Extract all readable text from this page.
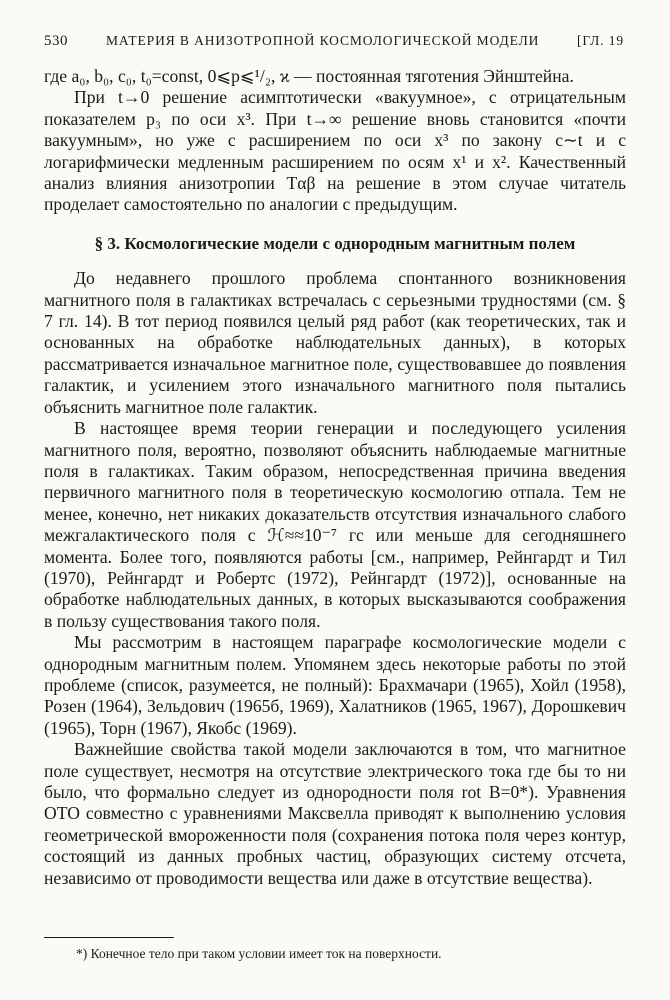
530	МАТЕРИЯ В АНИЗОТРОПНОЙ КОСМОЛОГИЧЕСКОЙ МОДЕЛИ	[ГЛ. 19

где a₀, b₀, c₀, t₀=const, 0⩽p⩽¹/₂, ϰ — постоянная тяготения Эйнштейна.

При t→0 решение асимптотически «вакуумное», с отрицательным показателем p₃ по оси x³. При t→∞ решение вновь становится «почти вакуумным», но уже с расширением по оси x³ по закону c∼t и с логарифмически медленным расширением по осям x¹ и x². Качественный анализ влияния анизотропии Tαβ на решение в этом случае читатель проделает самостоятельно по аналогии с предыдущим.

§ 3. Космологические модели с однородным магнитным полем

До недавнего прошлого проблема спонтанного возникновения магнитного поля в галактиках встречалась с серьезными трудностями (см. § 7 гл. 14). В тот период появился целый ряд работ (как теоретических, так и основанных на обработке наблюдательных данных), в которых рассматривается изначальное магнитное поле, существовавшее до появления галактик, и усилением этого изначального магнитного поля пытались объяснить магнитное поле галактик.

В настоящее время теории генерации и последующего усиления магнитного поля, вероятно, позволяют объяснить наблюдаемые магнитные поля в галактиках. Таким образом, непосредственная причина введения первичного магнитного поля в теоретическую космологию отпала. Тем не менее, конечно, нет никаких доказательств отсутствия изначального слабого межгалактического поля с ℋ≈≈10⁻⁷ гс или меньше для сегодняшнего момента. Более того, появляются работы [см., например, Рейнгардт и Тил (1970), Рейнгардт и Робертс (1972), Рейнгардт (1972)], основанные на обработке наблюдательных данных, в которых высказываются соображения в пользу существования такого поля.

Мы рассмотрим в настоящем параграфе космологические модели с однородным магнитным полем. Упомянем здесь некоторые работы по этой проблеме (список, разумеется, не полный): Брахмачари (1965), Хойл (1958), Розен (1964), Зельдович (1965б, 1969), Халатников (1965, 1967), Дорошкевич (1965), Торн (1967), Якобс (1969).

Важнейшие свойства такой модели заключаются в том, что магнитное поле существует, несмотря на отсутствие электрического тока где бы то ни было, что формально следует из однородности поля rot B=0*). Уравнения ОТО совместно с уравнениями Максвелла приводят к выполнению условия геометрической вмороженности поля (сохранения потока поля через контур, состоящий из данных пробных частиц, образующих систему отсчета, независимо от проводимости вещества или даже в отсутствие вещества).

*) Конечное тело при таком условии имеет ток на поверхности.
